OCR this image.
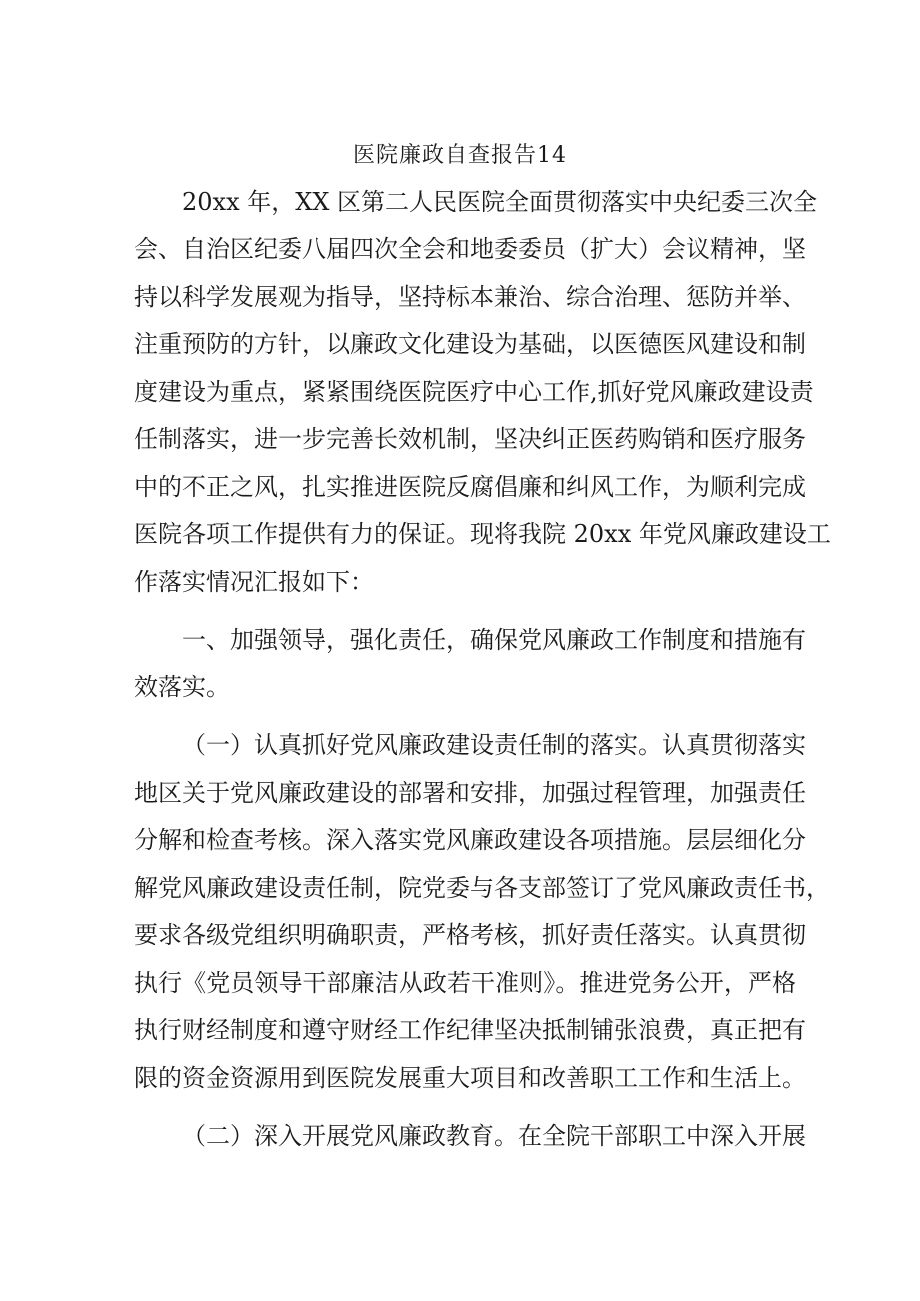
医院廉政自查报告14
20xx 年，XX 区第二人民医院全面贯彻落实中央纪委三次全
会、自治区纪委八届四次全会和地委委员（扩大）会议精神，坚
持以科学发展观为指导，坚持标本兼治、综合治理、惩防并举、
注重预防的方针，以廉政文化建设为基础，以医德医风建设和制
度建设为重点，紧紧围绕医院医疗中心工作,抓好党风廉政建设责
任制落实，进一步完善长效机制，坚决纠正医药购销和医疗服务
中的不正之风，扎实推进医院反腐倡廉和纠风工作，为顺利完成
医院各项工作提供有力的保证。现将我院 20xx 年党风廉政建设工
作落实情况汇报如下：
一、加强领导，强化责任，确保党风廉政工作制度和措施有
效落实。
（一）认真抓好党风廉政建设责任制的落实。认真贯彻落实
地区关于党风廉政建设的部署和安排，加强过程管理，加强责任
分解和检查考核。深入落实党风廉政建设各项措施。层层细化分
解党风廉政建设责任制，院党委与各支部签订了党风廉政责任书，
要求各级党组织明确职责，严格考核，抓好责任落实。认真贯彻
执行《党员领导干部廉洁从政若干准则》。推进党务公开，严格
执行财经制度和遵守财经工作纪律坚决抵制铺张浪费，真正把有
限的资金资源用到医院发展重大项目和改善职工工作和生活上。
（二）深入开展党风廉政教育。在全院干部职工中深入开展
